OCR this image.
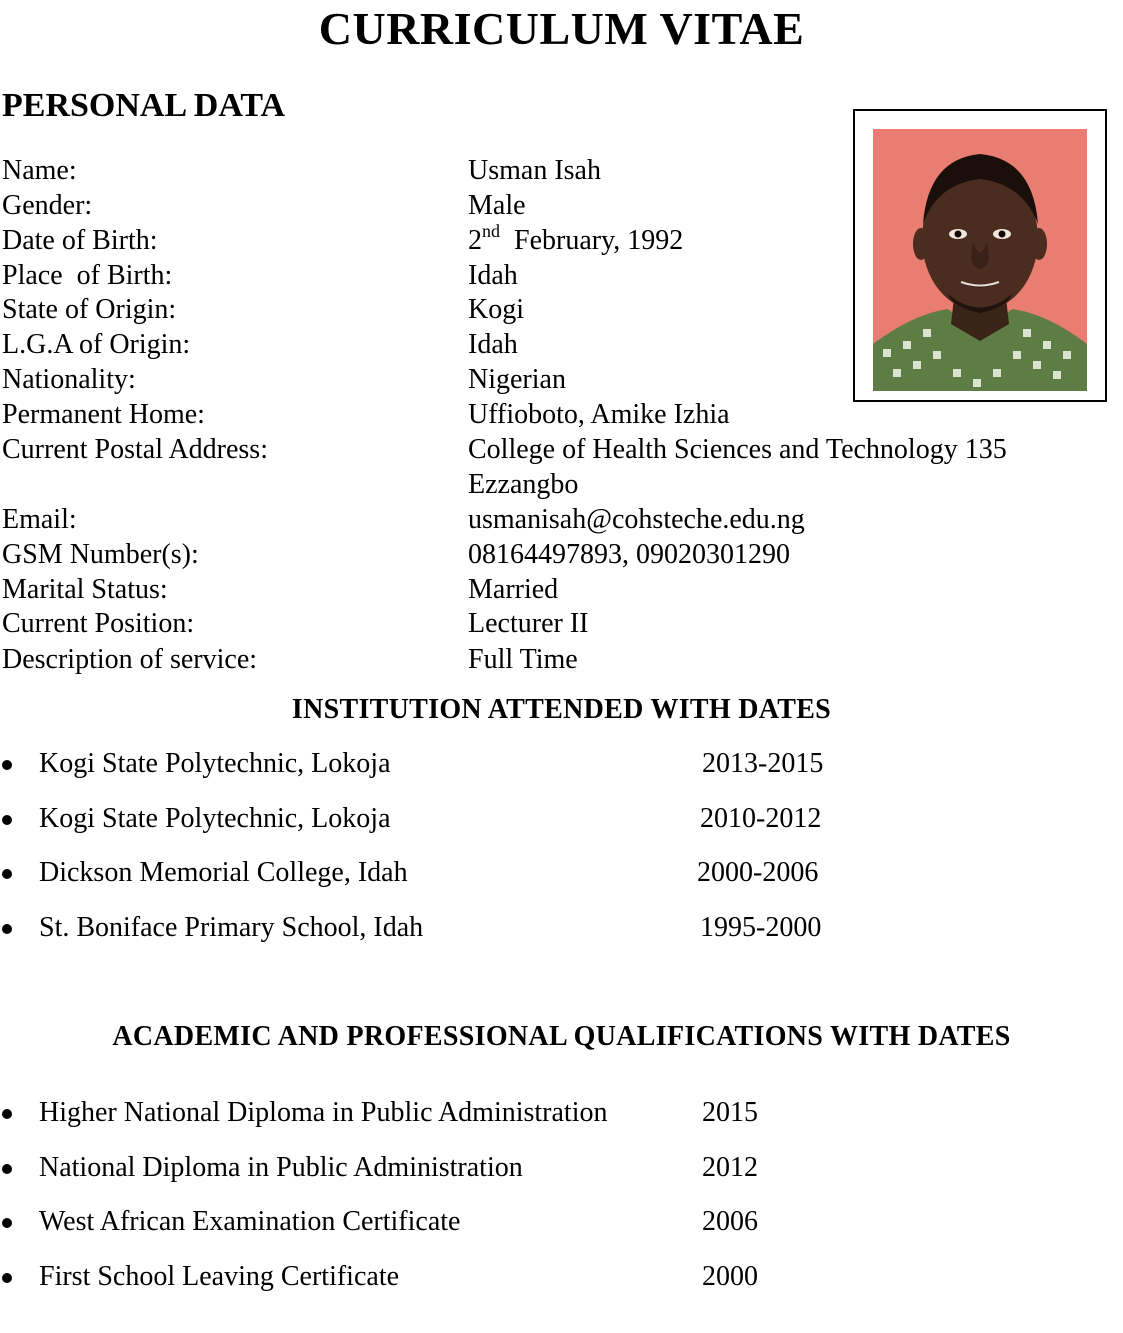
CURRICULUM VITAE
PERSONAL DATA
Name:	Usman Isah
Gender:	Male
Date of Birth:	2nd February, 1992
Place  of Birth:	Idah
State of Origin:	Kogi
L.G.A of Origin:	Idah
Nationality:	Nigerian
Permanent Home:	Uffioboto, Amike Izhia
Current Postal Address:	College of Health Sciences and Technology 135
Ezzangbo
Email:	usmanisah@cohsteche.edu.ng
GSM Number(s):	08164497893, 09020301290
Marital Status:	Married
Current Position:	Lecturer II
Description of service:	Full Time
INSTITUTION ATTENDED WITH DATES
Kogi State Polytechnic, Lokoja	2013-2015
Kogi State Polytechnic, Lokoja	2010-2012
Dickson Memorial College, Idah	2000-2006
St. Boniface Primary School, Idah	1995-2000
ACADEMIC AND PROFESSIONAL QUALIFICATIONS WITH DATES
Higher National Diploma in Public Administration	2015
National Diploma in Public Administration	2012
West African Examination Certificate	2006
First School Leaving Certificate	2000
